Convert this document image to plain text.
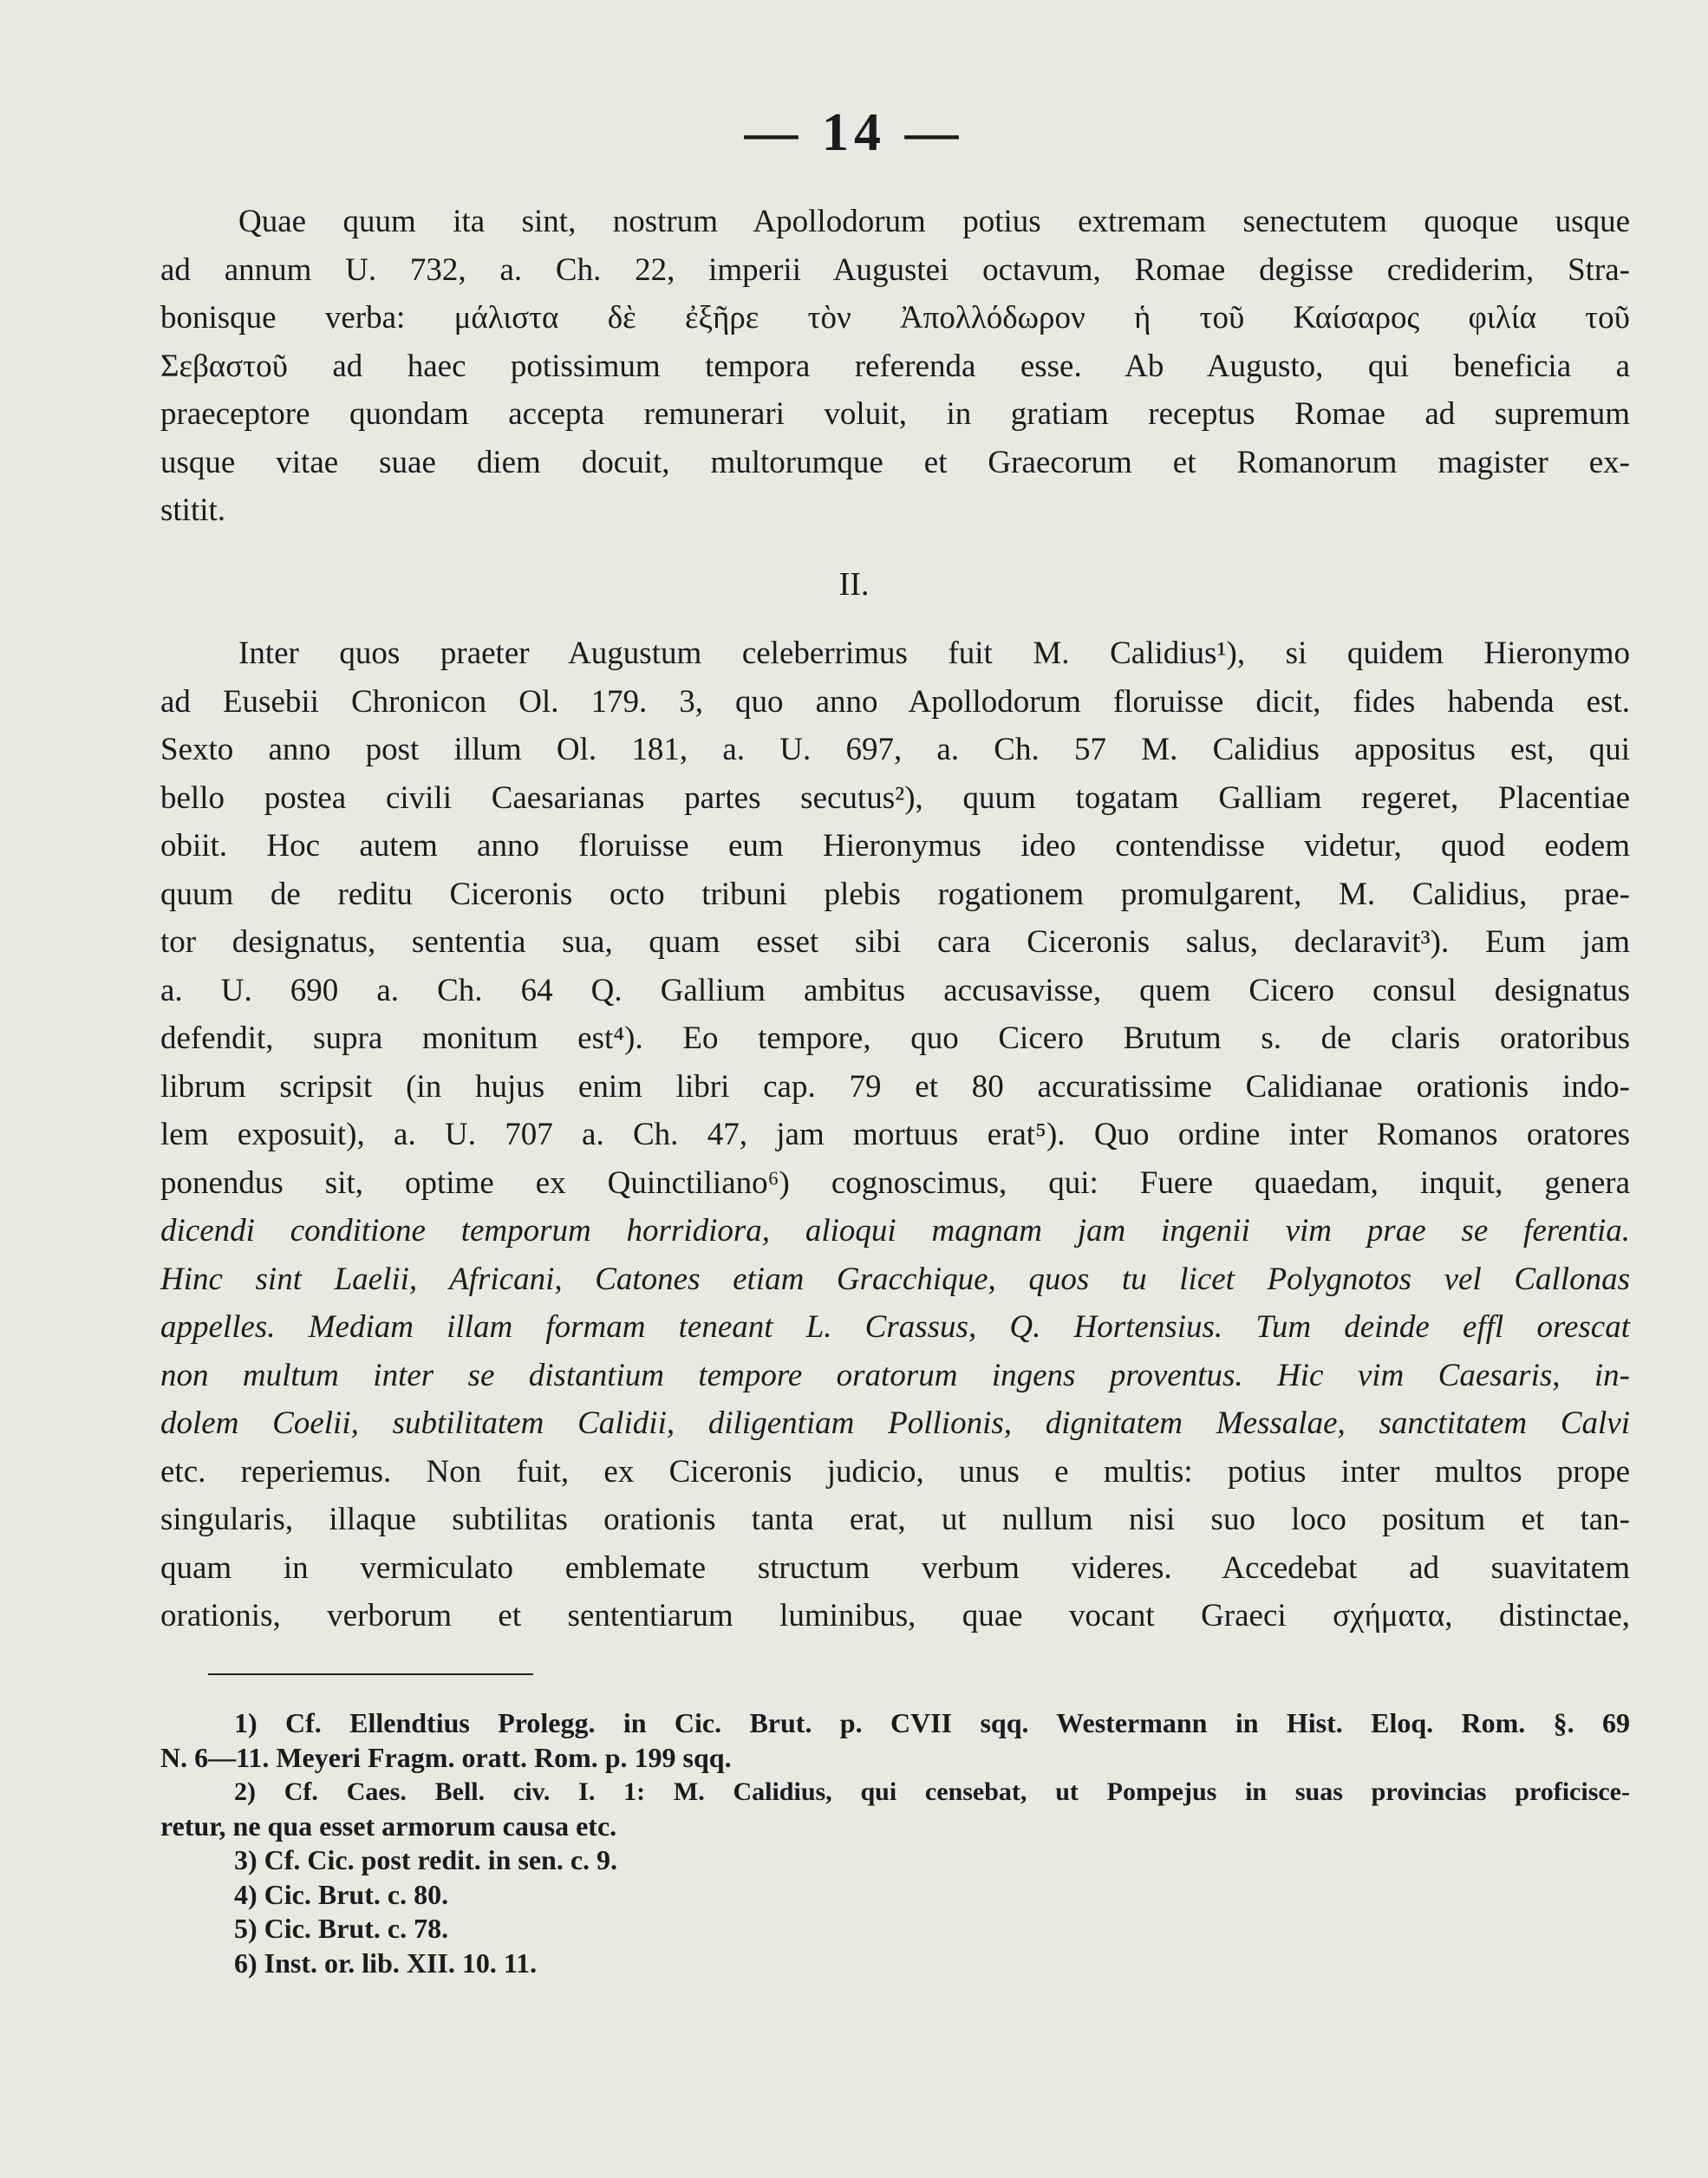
— 14 —
Quae quum ita sint, nostrum Apollodorum potius extremam senectutem quoque usque
ad annum U. 732, a. Ch. 22, imperii Augustei octavum, Romae degisse crediderim, Stra-
bonisque verba: μάλιστα δὲ ἐξῆρε τὸν Ἀπολλόδωρον ἡ τοῦ Καίσαρος φιλία τοῦ
Σεβαστοῦ ad haec potissimum tempora referenda esse. Ab Augusto, qui beneficia a
praeceptore quondam accepta remunerari voluit, in gratiam receptus Romae ad supremum
usque vitae suae diem docuit, multorumque et Graecorum et Romanorum magister ex-
stitit.
II.
Inter quos praeter Augustum celeberrimus fuit M. Calidius¹), si quidem Hieronymo
ad Eusebii Chronicon Ol. 179. 3, quo anno Apollodorum floruisse dicit, fides habenda est.
Sexto anno post illum Ol. 181, a. U. 697, a. Ch. 57 M. Calidius appositus est, qui
bello postea civili Caesarianas partes secutus²), quum togatam Galliam regeret, Placentiae
obiit. Hoc autem anno floruisse eum Hieronymus ideo contendisse videtur, quod eodem
quum de reditu Ciceronis octo tribuni plebis rogationem promulgarent, M. Calidius, prae-
tor designatus, sententia sua, quam esset sibi cara Ciceronis salus, declaravit³). Eum jam
a. U. 690 a. Ch. 64 Q. Gallium ambitus accusavisse, quem Cicero consul designatus
defendit, supra monitum est⁴). Eo tempore, quo Cicero Brutum s. de claris oratoribus
librum scripsit (in hujus enim libri cap. 79 et 80 accuratissime Calidianae orationis indo-
lem exposuit), a. U. 707 a. Ch. 47, jam mortuus erat⁵). Quo ordine inter Romanos oratores
ponendus sit, optime ex Quinctiliano⁶) cognoscimus, qui: Fuere quaedam, inquit, genera
dicendi conditione temporum horridiora, alioqui magnam jam ingenii vim prae se ferentia.
Hinc sint Laelii, Africani, Catones etiam Gracchique, quos tu licet Polygnotos vel Callonas
appelles. Mediam illam formam teneant L. Crassus, Q. Hortensius. Tum deinde effl orescat
non multum inter se distantium tempore oratorum ingens proventus. Hic vim Caesaris, in-
dolem Coelii, subtilitatem Calidii, diligentiam Pollionis, dignitatem Messalae, sanctitatem Calvi
etc. reperiemus. Non fuit, ex Ciceronis judicio, unus e multis: potius inter multos prope
singularis, illaque subtilitas orationis tanta erat, ut nullum nisi suo loco positum et tan-
quam in vermiculato emblemate structum verbum videres. Accedebat ad suavitatem
orationis, verborum et sententiarum luminibus, quae vocant Graeci σχήματα, distinctae,
1) Cf. Ellendtius Prolegg. in Cic. Brut. p. CVII sqq. Westermann in Hist. Eloq. Rom. §. 69
N. 6—11. Meyeri Fragm. oratt. Rom. p. 199 sqq.
2) Cf. Caes. Bell. civ. I. 1: M. Calidius, qui censebat, ut Pompejus in suas provincias proficisce-
retur, ne qua esset armorum causa etc.
3) Cf. Cic. post redit. in sen. c. 9.
4) Cic. Brut. c. 80.
5) Cic. Brut. c. 78.
6) Inst. or. lib. XII. 10. 11.
